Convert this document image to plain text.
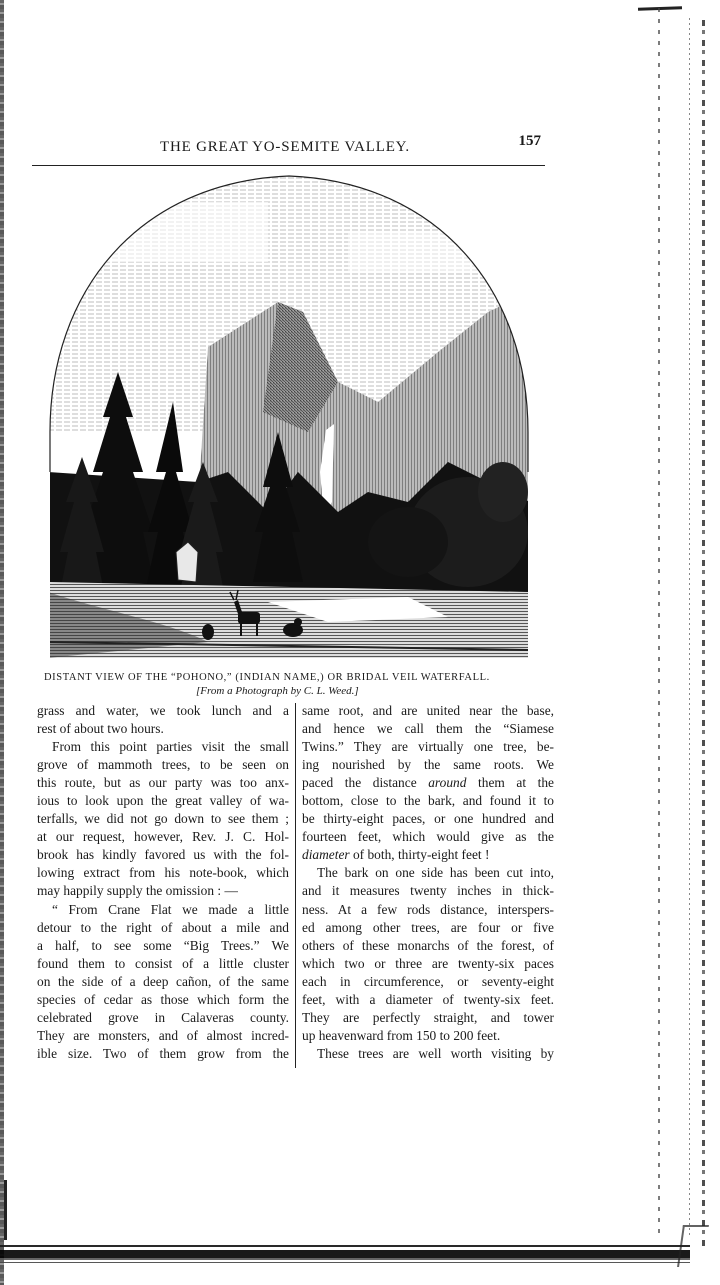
THE GREAT YO-SEMITE VALLEY.	157
DISTANT VIEW OF THE “POHONO,” (INDIAN NAME,) OR BRIDAL VEIL WATERFALL.
[From a Photograph by C. L. Weed.]
grass and water, we took lunch and a
rest of about two hours.
From this point parties visit the small
grove of mammoth trees, to be seen on
this route, but as our party was too anx-
ious to look upon the great valley of wa-
terfalls, we did not go down to see them ;
at our request, however, Rev. J. C. Hol-
brook has kindly favored us with the fol-
lowing extract from his note-book, which
may happily supply the omission : —
“ From Crane Flat we made a little
detour to the right of about a mile and
a half, to see some “Big Trees.” We
found them to consist of a little cluster
on the side of a deep cañon, of the same
species of cedar as those which form the
celebrated grove in Calaveras county.
They are monsters, and of almost incred-
ible size. Two of them grow from the
same root, and are united near the base,
and hence we call them the “Siamese
Twins.” They are virtually one tree, be-
ing nourished by the same roots. We
paced the distance around them at the
bottom, close to the bark, and found it to
be thirty-eight paces, or one hundred and
fourteen feet, which would give as the
diameter of both, thirty-eight feet !
The bark on one side has been cut into,
and it measures twenty inches in thick-
ness. At a few rods distance, interspers-
ed among other trees, are four or five
others of these monarchs of the forest, of
which two or three are twenty-six paces
each in circumference, or seventy-eight
feet, with a diameter of twenty-six feet.
They are perfectly straight, and tower
up heavenward from 150 to 200 feet.
These trees are well worth visiting by
